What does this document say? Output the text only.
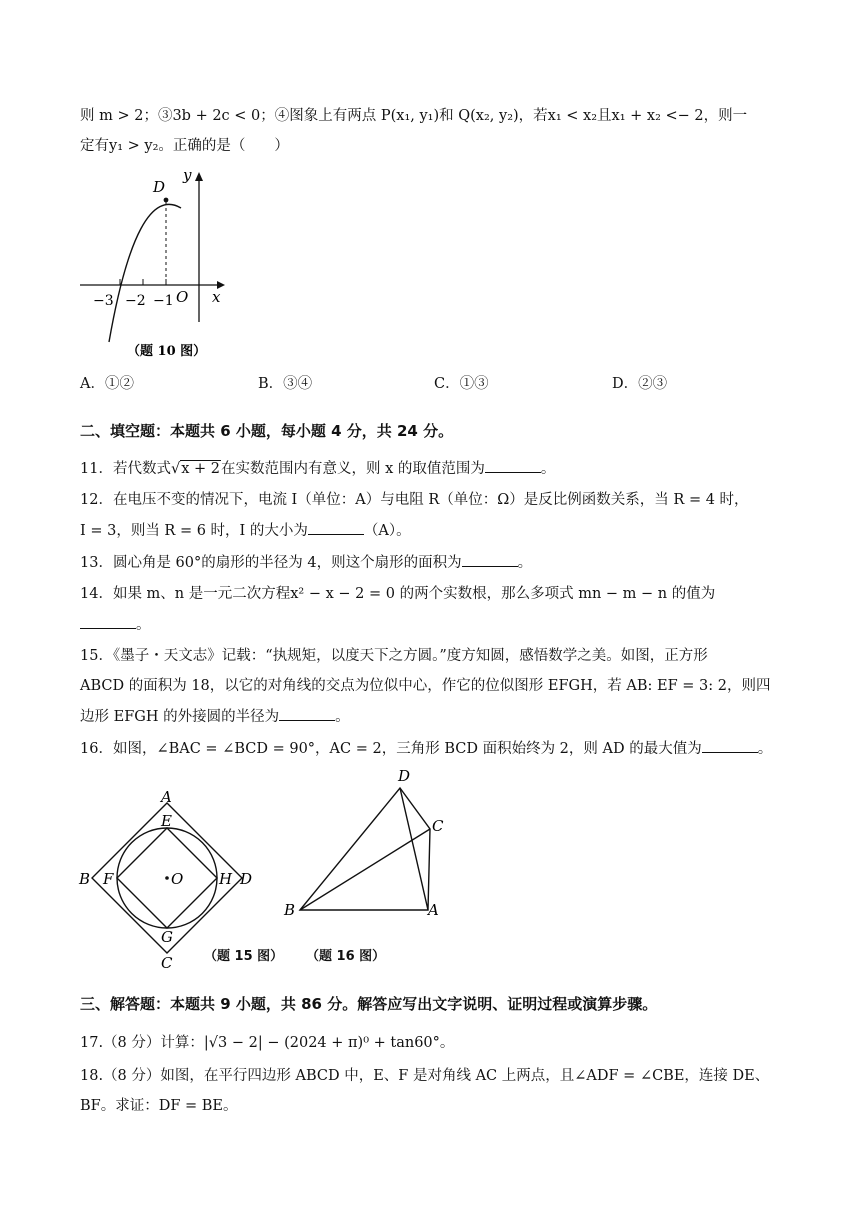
则 m > 2；③3b + 2c < 0；④图象上有两点 P(x₁, y₁)和 Q(x₂, y₂)，若x₁ < x₂且x₁ + x₂ <− 2，则一
定有y₁ > y₂。正确的是（　　）
D
y
O x
−3 −2 −1
（题 10 图）
A．①②	B．③④	C．①③	D．②③
二、填空题：本题共 6 小题，每小题 4 分，共 24 分。
11．若代数式√x + 2在实数范围内有意义，则 x 的取值范围为	。
12．在电压不变的情况下，电流 I（单位：A）与电阻 R（单位：Ω）是反比例函数关系，当 R = 4 时，
I = 3，则当 R = 6 时，I 的大小为	（A）。
13．圆心角是 60°的扇形的半径为 4，则这个扇形的面积为	。
14．如果 m、n 是一元二次方程x² − x − 2 = 0 的两个实数根，那么多项式 mn − m − n 的值为
。
15．《墨子・天文志》记载：“执规矩，以度天下之方圆。”度方知圆，感悟数学之美。如图，正方形
ABCD 的面积为 18，以它的对角线的交点为位似中心，作它的位似图形 EFGH，若 AB: EF = 3: 2，则四
边形 EFGH 的外接圆的半径为	。
16．如图，∠BAC = ∠BCD = 90°，AC = 2，三角形 BCD 面积始终为 2，则 AD 的最大值为	。
A
B
C
D
E
F
G
H
O
D
C
B	A
（题 15 图） （题 16 图）
三、解答题：本题共 9 小题，共 86 分。解答应写出文字说明、证明过程或演算步骤。
17.（8 分）计算：|√3 − 2| − (2024 + π)⁰ + tan60°。
18.（8 分）如图，在平行四边形 ABCD 中，E、F 是对角线 AC 上两点，且∠ADF = ∠CBE，连接 DE、
BF。求证：DF = BE。
